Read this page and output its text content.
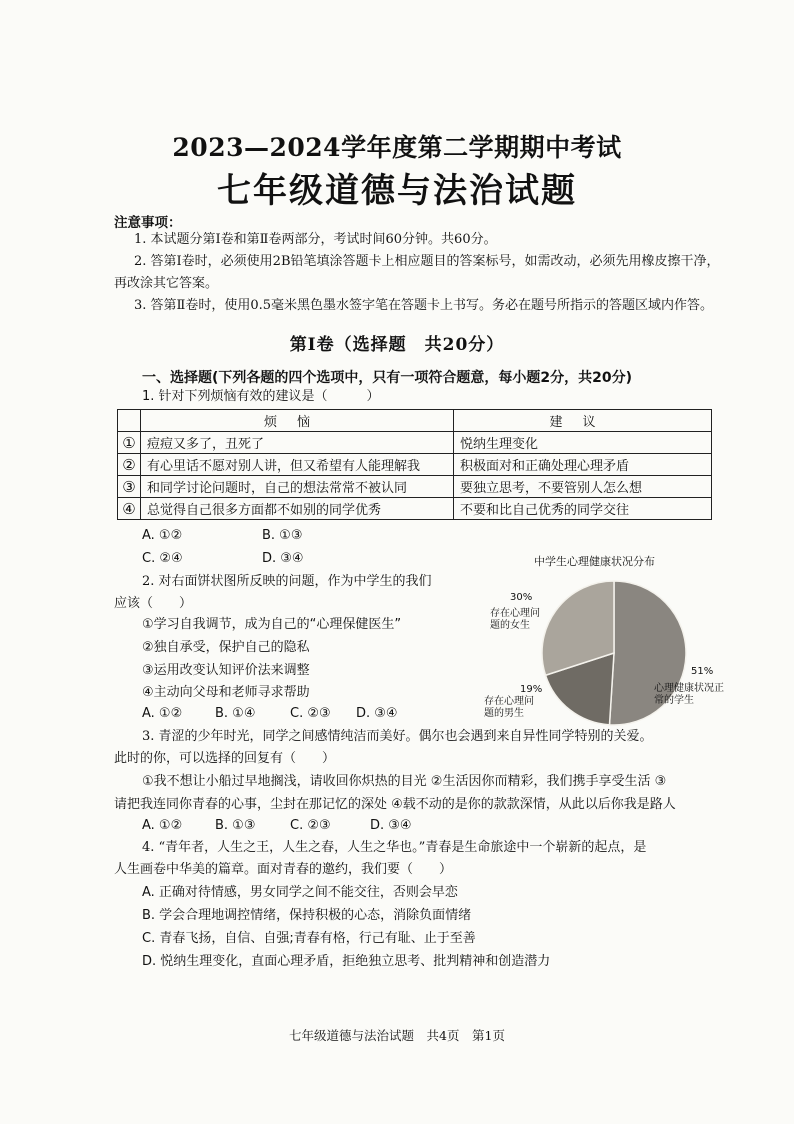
2023—2024学年度第二学期期中考试
七年级道德与法治试题
注意事项：
1. 本试题分第Ⅰ卷和第Ⅱ卷两部分，考试时间60分钟。共60分。
2. 答第Ⅰ卷时，必须使用2B铅笔填涂答题卡上相应题目的答案标号，如需改动，必须先用橡皮擦干净，再改涂其它答案。
3. 答第Ⅱ卷时，使用0.5毫米黑色墨水签字笔在答题卡上书写。务必在题号所指示的答题区域内作答。
第Ⅰ卷（选择题　共20分）
一、选择题(下列各题的四个选项中，只有一项符合题意，每小题2分，共20分)
1. 针对下列烦恼有效的建议是（　　　）
	烦恼	建议
①	痘痘又多了，丑死了	悦纳生理变化
②	有心里话不愿对别人讲，但又希望有人能理解我	积极面对和正确处理心理矛盾
③	和同学讨论问题时，自己的想法常常不被认同	要独立思考，不要管别人怎么想
④	总觉得自己很多方面都不如别的同学优秀	不要和比自己优秀的同学交往
A. ①②	B. ①③
C. ②④	D. ③④
2. 对右面饼状图所反映的问题，作为中学生的我们
应该（　　）
①学习自我调节，成为自己的“心理保健医生”
②独自承受，保护自己的隐私
③运用改变认知评价法来调整
④主动向父母和老师寻求帮助
A. ①②	B. ①④	C. ②③ D. ③④
中学生心理健康状况分布
30%
存在心理问题的女生
51%
心理健康状况正常的学生
19%
存在心理问题的男生
3. 青涩的少年时光，同学之间感情纯洁而美好。偶尔也会遇到来自异性同学特别的关爱。
此时的你，可以选择的回复有（　　）
①我不想让小船过早地搁浅，请收回你炽热的目光 ②生活因你而精彩，我们携手享受生活 ③
请把我连同你青春的心事，尘封在那记忆的深处 ④载不动的是你的款款深情，从此以后你我是路人
A. ①②	B. ①③	C. ②③	D. ③④
4. “青年者，人生之王，人生之春，人生之华也。”青春是生命旅途中一个崭新的起点，是
人生画卷中华美的篇章。面对青春的邀约，我们要（　　）
A. 正确对待情感，男女同学之间不能交往，否则会早恋
B. 学会合理地调控情绪，保持积极的心态，消除负面情绪
C. 青春飞扬，自信、自强;青春有格，行己有耻、止于至善
D. 悦纳生理变化，直面心理矛盾，拒绝独立思考、批判精神和创造潜力
七年级道德与法治试题　共4页　第1页
